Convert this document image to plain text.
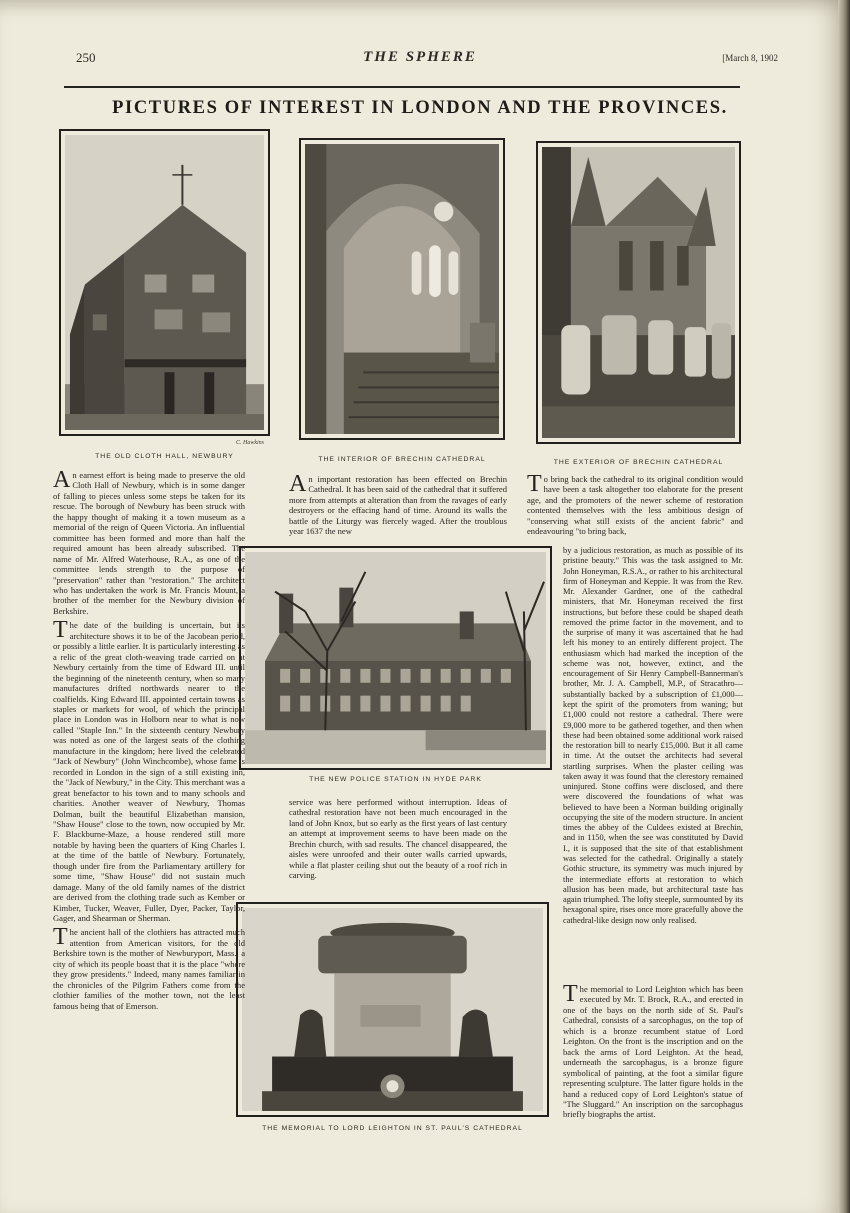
250	THE SPHERE	[March 8, 1902
PICTURES OF INTEREST IN LONDON AND THE PROVINCES.
THE OLD CLOTH HALL, NEWBURY
C. Hawkins
THE INTERIOR OF BRECHIN CATHEDRAL	THE EXTERIOR OF BRECHIN CATHEDRAL
THE NEW POLICE STATION IN HYDE PARK
THE MEMORIAL TO LORD LEIGHTON IN ST. PAUL'S CATHEDRAL

An earnest effort is being made to preserve the old Cloth Hall of Newbury, which is in some danger of falling to pieces unless some steps be taken for its rescue. The borough of Newbury has been struck with the happy thought of making it a town museum as a memorial of the reign of Queen Victoria. An influential committee has been formed and more than half the required amount has been already subscribed. The name of Mr. Alfred Waterhouse, R.A., as one of the committee lends strength to the purpose of "preservation" rather than "restoration." The architect who has undertaken the work is Mr. Francis Mount, a brother of the member for the Newbury division of Berkshire.

The date of the building is uncertain, but its architecture shows it to be of the Jacobean period, or possibly a little earlier. It is particularly interesting as a relic of the great cloth-weaving trade carried on at Newbury certainly from the time of Edward III. until the beginning of the nineteenth century, when so many manufactures drifted northwards nearer to the coalfields. King Edward III. appointed certain towns as staples or markets for wool, of which the principal place in London was in Holborn near to what is now called "Staple Inn." In the sixteenth century Newbury was noted as one of the largest seats of the clothing manufacture in the kingdom; here lived the celebrated "Jack of Newbury" (John Winchcombe), whose fame is recorded in London in the sign of a still existing inn, the "Jack of Newbury," in the City. This merchant was a great benefactor to his town and to many schools and charities. Another weaver of Newbury, Thomas Dolman, built the beautiful Elizabethan mansion, "Shaw House" close to the town, now occupied by Mr. F. Blackburne-Maze, a house rendered still more notable by having been the quarters of King Charles I. at the time of the battle of Newbury. Fortunately, though under fire from the Parliamentary artillery for some time, "Shaw House" did not sustain much damage. Many of the old family names of the district are derived from the clothing trade such as Kember or Kimber, Tucker, Weaver, Fuller, Dyer, Packer, Taylor, Gager, and Shearman or Sherman.

The ancient hall of the clothiers has attracted much attention from American visitors, for the old Berkshire town is the mother of Newburyport, Mass., a city of which its people boast that it is the place "where they grow presidents." Indeed, many names familiar in the chronicles of the Pilgrim Fathers come from the clothier families of the mother town, not the least famous being that of Emerson.

An important restoration has been effected on Brechin Cathedral. It has been said of the cathedral that it suffered more from attempts at alteration than from the ravages of early destroyers or the effacing hand of time. Around its walls the battle of the Liturgy was fiercely waged. After the troublous year 1637 the new

service was here performed without interruption. Ideas of cathedral restoration have not been much encouraged in the land of John Knox, but so early as the first years of last century an attempt at improvement seems to have been made on the Brechin church, with sad results. The chancel disappeared, the aisles were unroofed and their outer walls carried upwards, while a flat plaster ceiling shut out the beauty of a roof rich in carving.

To bring back the cathedral to its original condition would have been a task altogether too elaborate for the present age, and the promoters of the newer scheme of restoration contented themselves with the less ambitious design of "conserving what still exists of the ancient fabric" and endeavouring "to bring back,

by a judicious restoration, as much as possible of its pristine beauty." This was the task assigned to Mr. John Honeyman, R.S.A., or rather to his architectural firm of Honeyman and Keppie. It was from the Rev. Mr. Alexander Gardner, one of the cathedral ministers, that Mr. Honeyman received the first instructions, but before these could be shaped death removed the prime factor in the movement, and to the surprise of many it was ascertained that he had left his money to an entirely different project. The enthusiasm which had marked the inception of the scheme was not, however, extinct, and the encouragement of Sir Henry Campbell-Bannerman's brother, Mr. J. A. Campbell, M.P., of Stracathro—substantially backed by a subscription of £1,000—kept the spirit of the promoters from waning; but £1,000 could not restore a cathedral. There were £9,000 more to be gathered together, and then when these had been obtained some additional work raised the restoration bill to nearly £15,000. But it all came in time. At the outset the architects had several startling surprises. When the plaster ceiling was taken away it was found that the clerestory remained uninjured. Stone coffins were disclosed, and there were discovered the foundations of what was believed to have been a Norman building originally occupying the site of the modern structure. In ancient times the abbey of the Culdees existed at Brechin, and in 1150, when the see was constituted by David I., it is supposed that the site of that establishment was selected for the cathedral. Originally a stately Gothic structure, its symmetry was much injured by the intermediate efforts at restoration to which allusion has been made, but architectural taste has again triumphed. The lofty steeple, surmounted by its hexagonal spire, rises once more gracefully above the cathedral-like design now only realised.

The memorial to Lord Leighton which has been executed by Mr. T. Brock, R.A., and erected in one of the bays on the north side of St. Paul's Cathedral, consists of a sarcophagus, on the top of which is a bronze recumbent statue of Lord Leighton. On the front is the inscription and on the back the arms of Lord Leighton. At the head, underneath the sarcophagus, is a bronze figure symbolical of painting, at the foot a similar figure representing sculpture. The latter figure holds in the hand a reduced copy of Lord Leighton's statue of "The Sluggard." An inscription on the sarcophagus briefly biographs the artist.
